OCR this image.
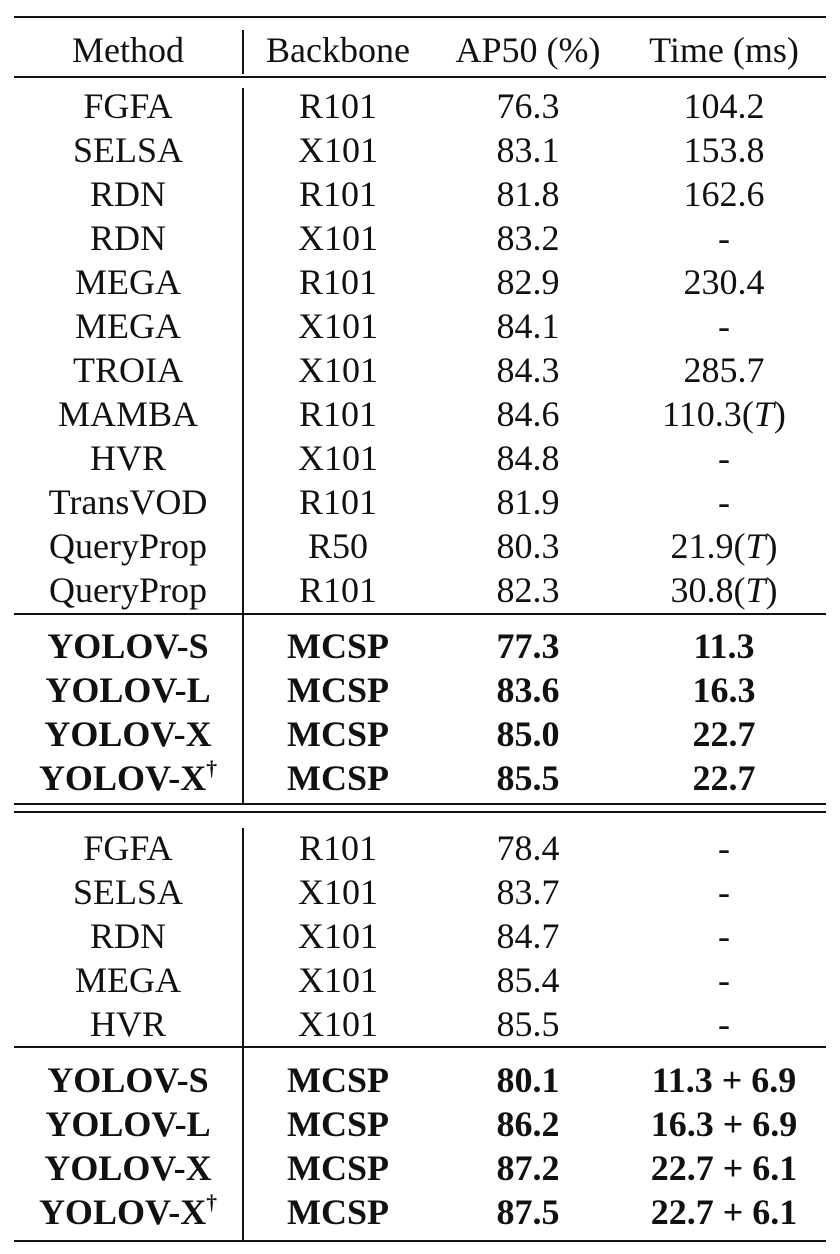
Method	Backbone	AP50 (%)	Time (ms)
FGFA	R101	76.3	104.2
SELSA	X101	83.1	153.8
RDN	R101	81.8	162.6
RDN	X101	83.2	-
MEGA	R101	82.9	230.4
MEGA	X101	84.1	-
TROIA	X101	84.3	285.7
MAMBA	R101	84.6	110.3(T)
HVR	X101	84.8	-
TransVOD	R101	81.9	-
QueryProp	R50	80.3	21.9(T)
QueryProp	R101	82.3	30.8(T)
YOLOV-S	MCSP	77.3	11.3
YOLOV-L	MCSP	83.6	16.3
YOLOV-X	MCSP	85.0	22.7
YOLOV-X†	MCSP	85.5	22.7
FGFA	R101	78.4	-
SELSA	X101	83.7	-
RDN	X101	84.7	-
MEGA	X101	85.4	-
HVR	X101	85.5	-
YOLOV-S	MCSP	80.1	11.3 + 6.9
YOLOV-L	MCSP	86.2	16.3 + 6.9
YOLOV-X	MCSP	87.2	22.7 + 6.1
YOLOV-X†	MCSP	87.5	22.7 + 6.1
